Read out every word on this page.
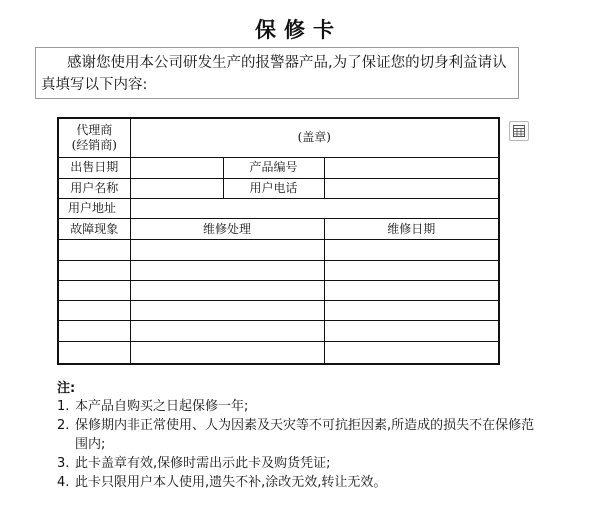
保修卡
感谢您使用本公司研发生产的报警器产品,为了保证您的切身利益请认真填写以下内容:
代理商
(经销商)	(盖章)		
出售日期		产品编号	
用户名称		用户电话	
用户地址			
故障现象	维修处理		维修日期

注:
1. 本产品自购买之日起保修一年;
2. 保修期内非正常使用、人为因素及天灾等不可抗拒因素,所造成的损失不在保修范围内;
3. 此卡盖章有效,保修时需出示此卡及购货凭证;
4. 此卡只限用户本人使用,遗失不补,涂改无效,转让无效。
